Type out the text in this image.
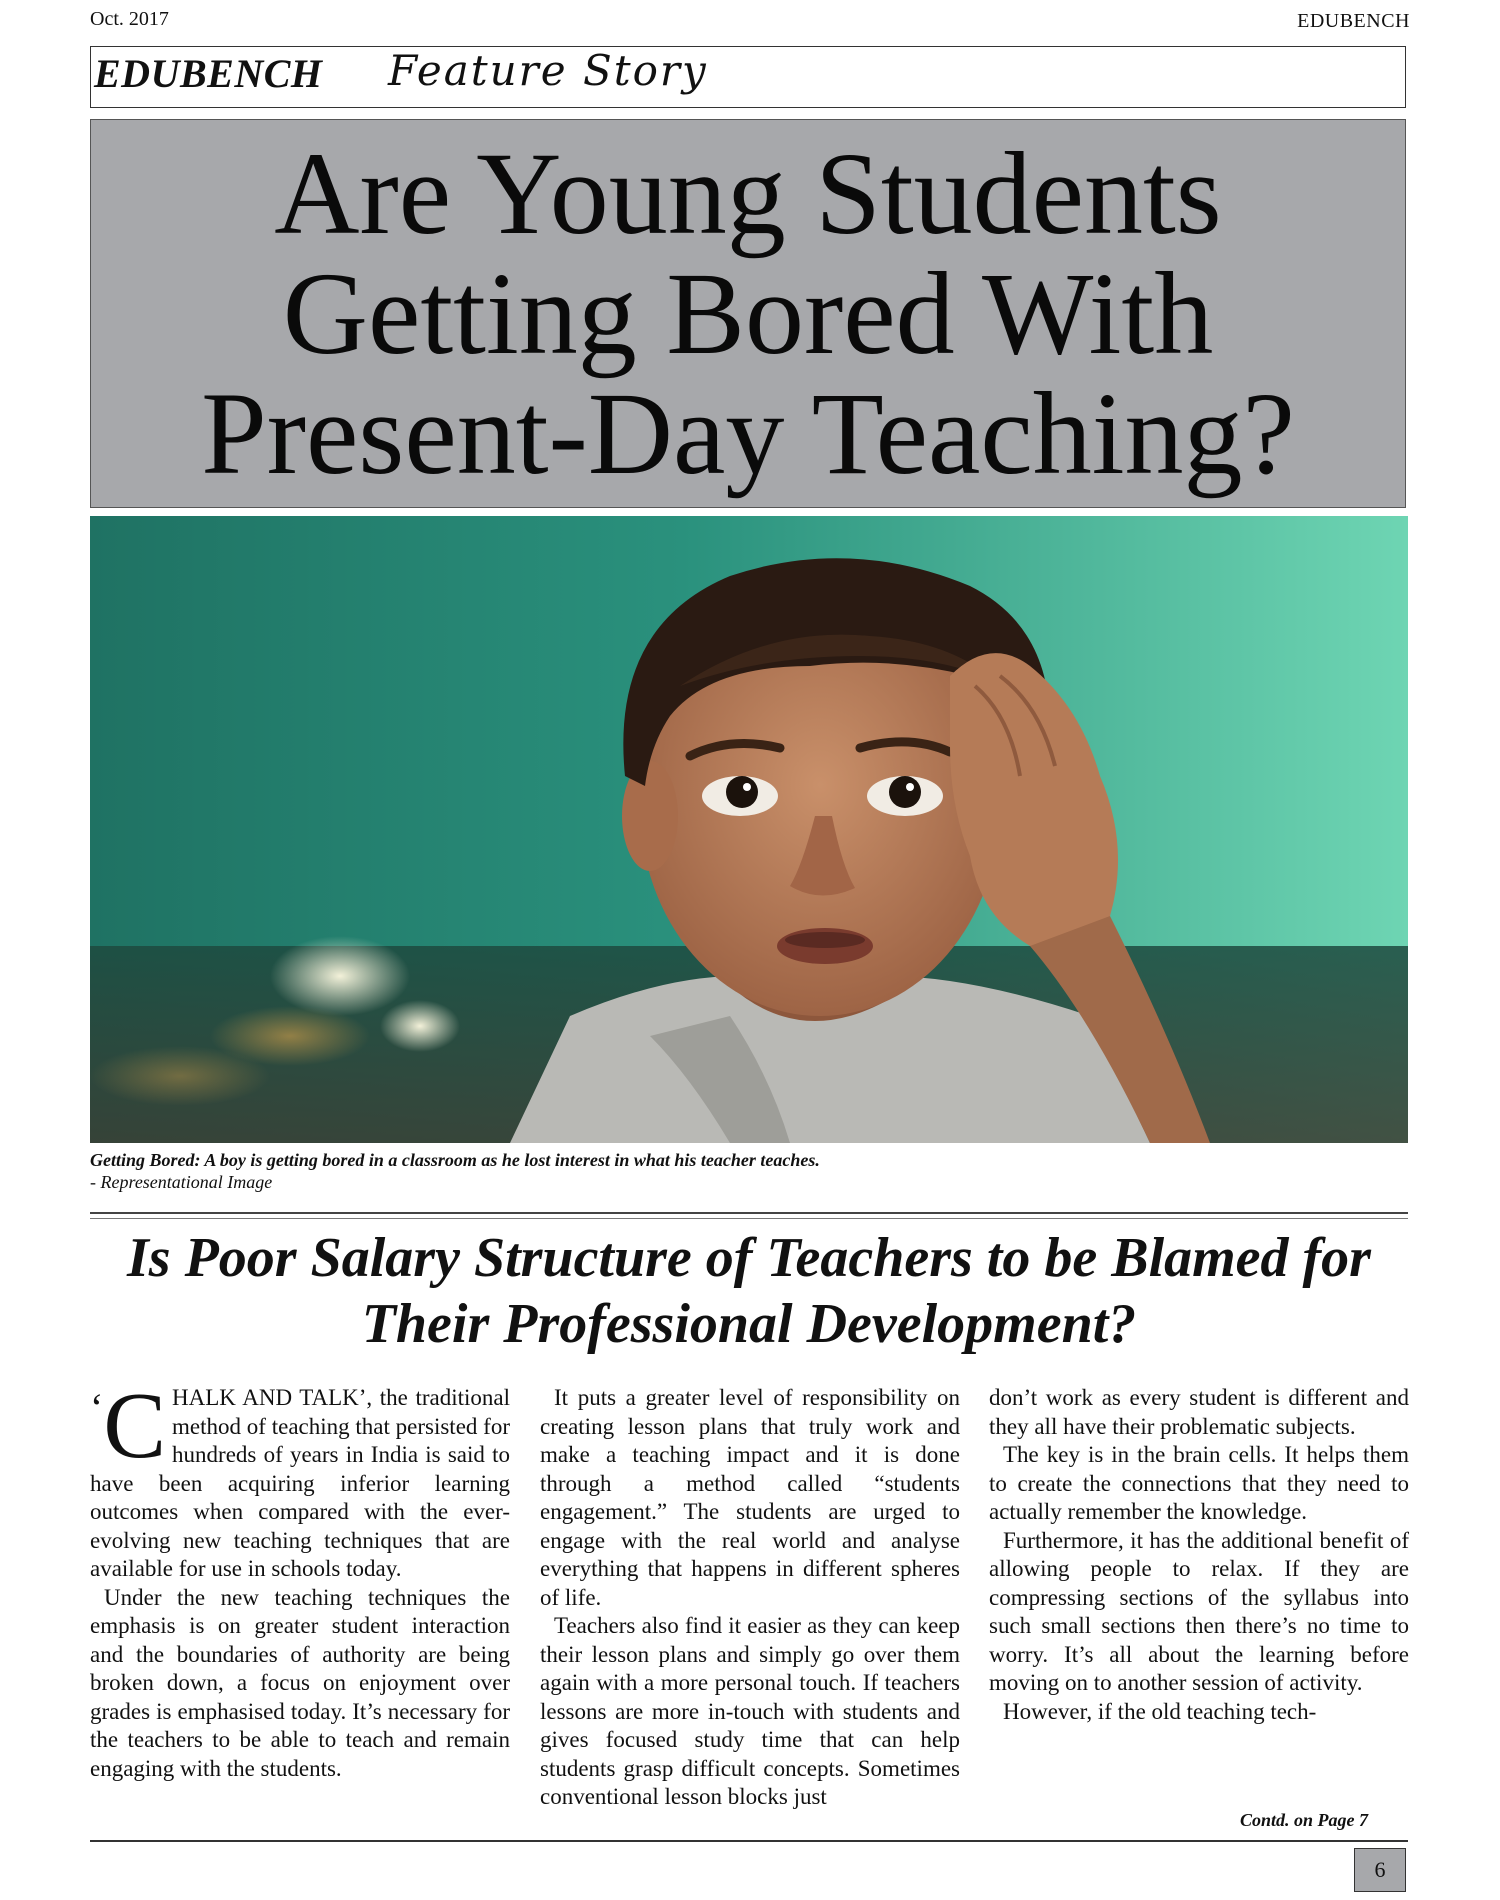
Oct. 2017	EDUBENCH
EDUBENCH Feature Story
Are Young Students Getting Bored With Present-Day Teaching?
Getting Bored: A boy is getting bored in a classroom as he lost interest in what his teacher teaches.
- Representational Image
Is Poor Salary Structure of Teachers to be Blamed for Their Professional Development?

‘C HALK AND TALK’, the traditional method of teaching that persisted for hundreds of years in India is said to have been acquiring inferior learning outcomes when compared with the ever-evolving new teaching techniques that are available for use in schools today.

Under the new teaching techniques the emphasis is on greater student interaction and the boundaries of authority are being broken down, a focus on enjoyment over grades is emphasised today. It’s necessary for the teachers to be able to teach and remain engaging with the students.

It puts a greater level of responsibility on creating lesson plans that truly work and make a teaching impact and it is done through a method called “students engagement.” The students are urged to engage with the real world and analyse everything that happens in different spheres of life.

Teachers also find it easier as they can keep their lesson plans and simply go over them again with a more personal touch. If teachers lessons are more in-touch with students and gives focused study time that can help students grasp difficult concepts. Sometimes conventional lesson blocks just

don’t work as every student is different and they all have their problematic subjects.

The key is in the brain cells. It helps them to create the connections that they need to actually remember the knowledge.

Furthermore, it has the additional benefit of allowing people to relax. If they are compressing sections of the syllabus into such small sections then there’s no time to worry. It’s all about the learning before moving on to another session of activity.

However, if the old teaching tech-

Contd. on Page 7
6
